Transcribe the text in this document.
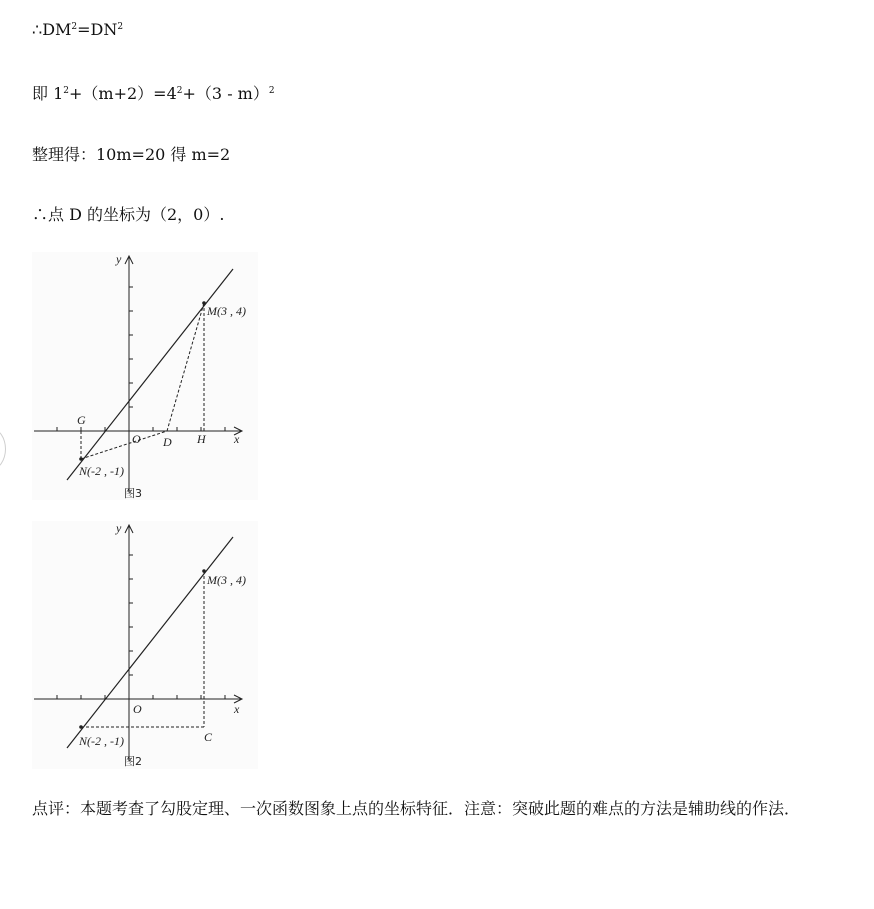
$\therefore DM^2=DN^2$
即 $1^2+(m+2)=4^2+(3 - m)^2$
整理得：10m=20 得 m=2
∴点 D 的坐标为（2，0）.
y
x
O
G
D H
M(3 , 4)
N(-2 , -1)
图3
y
x
O
C
M(3 , 4)
N(-2 , -1)
图2
点评：本题考查了勾股定理、一次函数图象上点的坐标特征．注意：突破此题的难点的方法是辅助线的作法．
